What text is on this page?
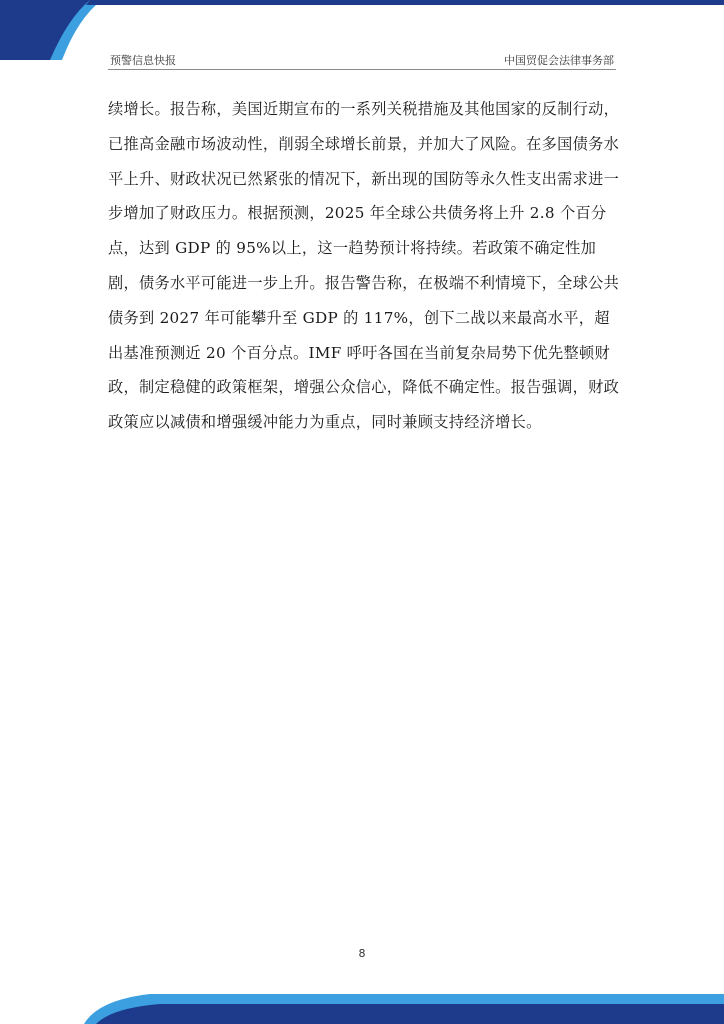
预警信息快报	中国贸促会法律事务部

续增长。报告称，美国近期宣布的一系列关税措施及其他国家的反制行动，已推高金融市场波动性，削弱全球增长前景，并加大了风险。在多国债务水平上升、财政状况已然紧张的情况下，新出现的国防等永久性支出需求进一步增加了财政压力。根据预测，2025 年全球公共债务将上升 2.8 个百分点，达到 GDP 的 95%以上，这一趋势预计将持续。若政策不确定性加剧，债务水平可能进一步上升。报告警告称，在极端不利情境下，全球公共债务到 2027 年可能攀升至 GDP 的 117%，创下二战以来最高水平，超出基准预测近 20 个百分点。IMF 呼吁各国在当前复杂局势下优先整顿财政，制定稳健的政策框架，增强公众信心，降低不确定性。报告强调，财政政策应以减债和增强缓冲能力为重点，同时兼顾支持经济增长。

8
